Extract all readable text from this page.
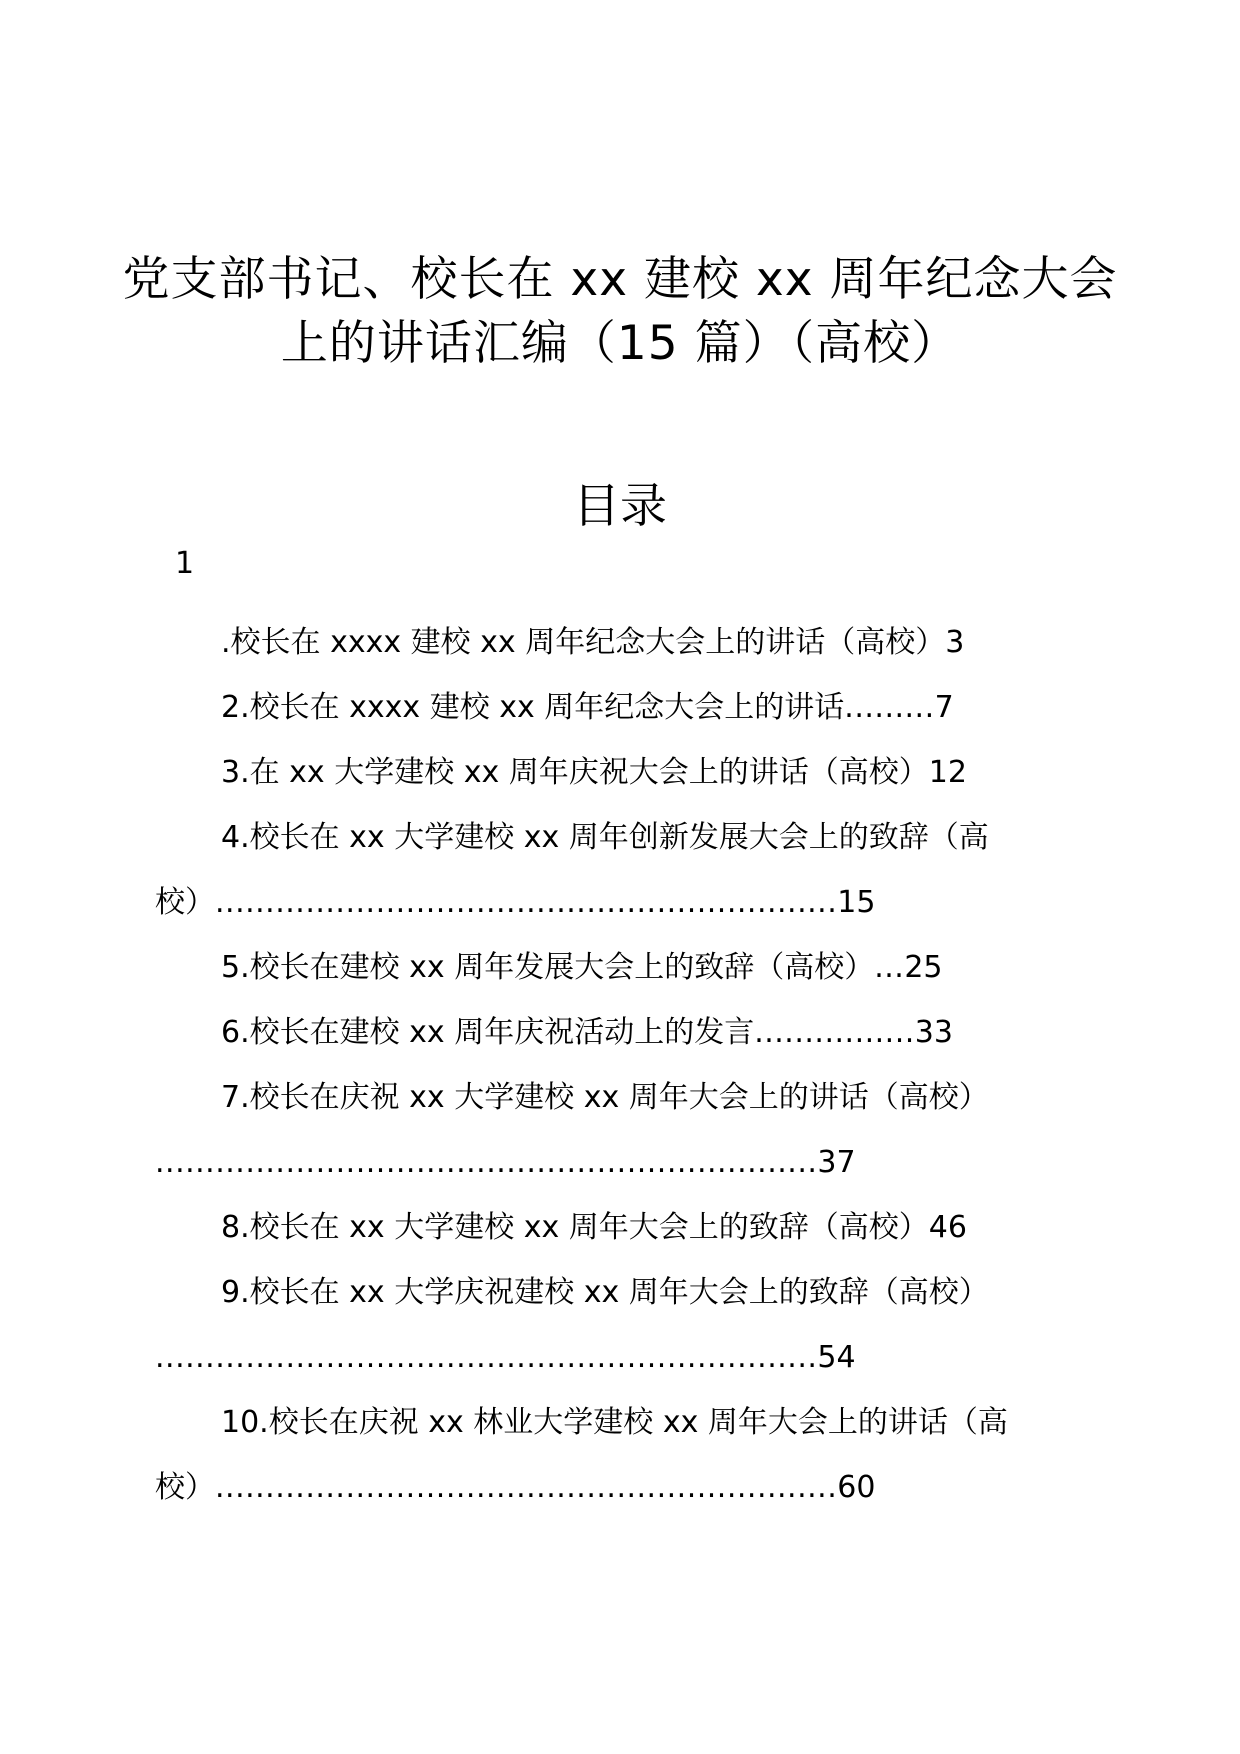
党支部书记、校长在 xx 建校 xx 周年纪念大会
上的讲话汇编（15 篇）（高校）
目录
1
.校长在 xxxx 建校 xx 周年纪念大会上的讲话（高校）3
2.校长在 xxxx 建校 xx 周年纪念大会上的讲话.........7
3.在 xx 大学建校 xx 周年庆祝大会上的讲话（高校）12
4.校长在 xx 大学建校 xx 周年创新发展大会上的致辞（高
校）..............................................................15
5.校长在建校 xx 周年发展大会上的致辞（高校）...25
6.校长在建校 xx 周年庆祝活动上的发言................33
7.校长在庆祝 xx 大学建校 xx 周年大会上的讲话（高校）
..................................................................37
8.校长在 xx 大学建校 xx 周年大会上的致辞（高校）46
9.校长在 xx 大学庆祝建校 xx 周年大会上的致辞（高校）
..................................................................54
10.校长在庆祝 xx 林业大学建校 xx 周年大会上的讲话（高
校）..............................................................60
